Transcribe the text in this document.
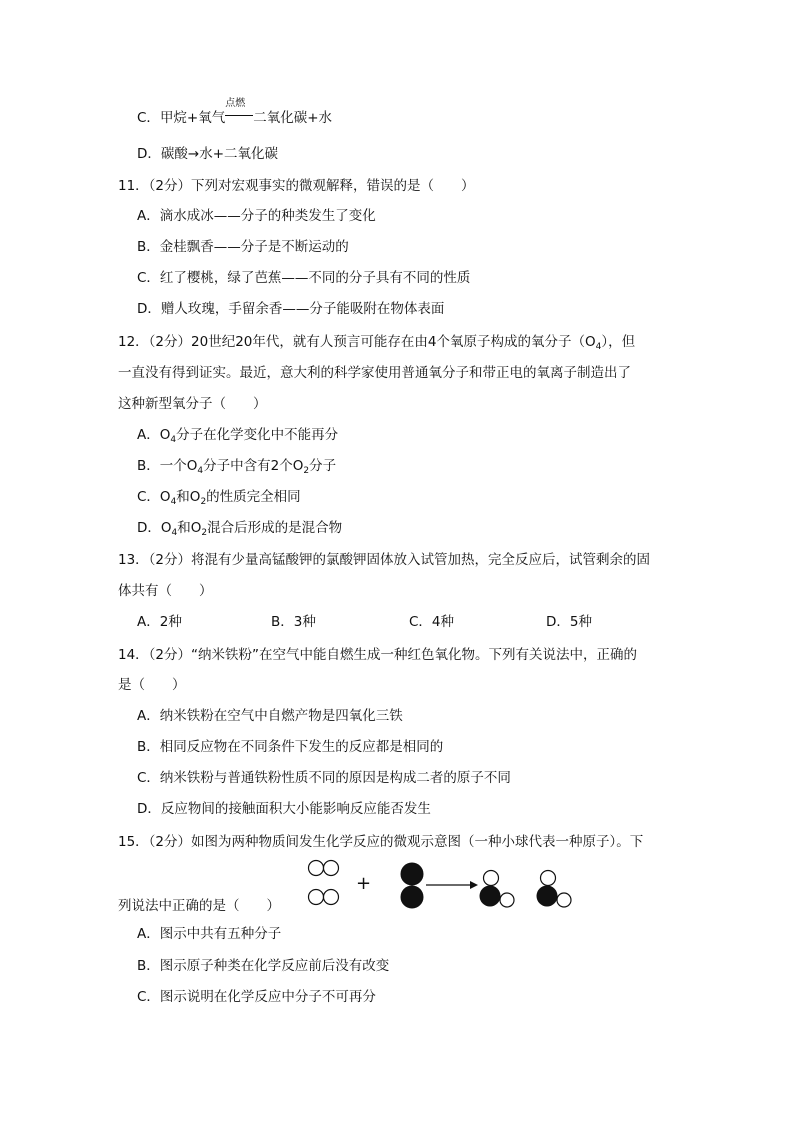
C．甲烷+氧气
点燃
二氧化碳+水
D．碳酸→水+二氧化碳
11．（2分）下列对宏观事实的微观解释，错误的是（　　）
A．滴水成冰——分子的种类发生了变化
B．金桂飘香——分子是不断运动的
C．红了樱桃，绿了芭蕉——不同的分子具有不同的性质
D．赠人玫瑰，手留余香——分子能吸附在物体表面
12．（2分）20世纪20年代，就有人预言可能存在由4个氧原子构成的氧分子$(O_4)$，但
一直没有得到证实。最近，意大利的科学家使用普通氧分子和带正电的氧离子制造出了
这种新型氧分子（　　）
A．$O_4$分子在化学变化中不能再分
B．一个$O_4$分子中含有2个$O_2$分子
C．$O_4$和$O_2$的性质完全相同
D．$O_4$和$O_2$混合后形成的是混合物
13．（2分）将混有少量高锰酸钾的氯酸钾固体放入试管加热，完全反应后，试管剩余的固
体共有（　　）
A．2种	B．3种	C．4种	D．5种
14．（2分）“纳米铁粉”在空气中能自燃生成一种红色氧化物。下列有关说法中，正确的
是（　　）
A．纳米铁粉在空气中自燃产物是四氧化三铁
B．相同反应物在不同条件下发生的反应都是相同的
C．纳米铁粉与普通铁粉性质不同的原因是构成二者的原子不同
D．反应物间的接触面积大小能影响反应能否发生
15．（2分）如图为两种物质间发生化学反应的微观示意图（一种小球代表一种原子）。下
+
列说法中正确的是（　　）
A．图示中共有五种分子
B．图示原子种类在化学反应前后没有改变
C．图示说明在化学反应中分子不可再分
